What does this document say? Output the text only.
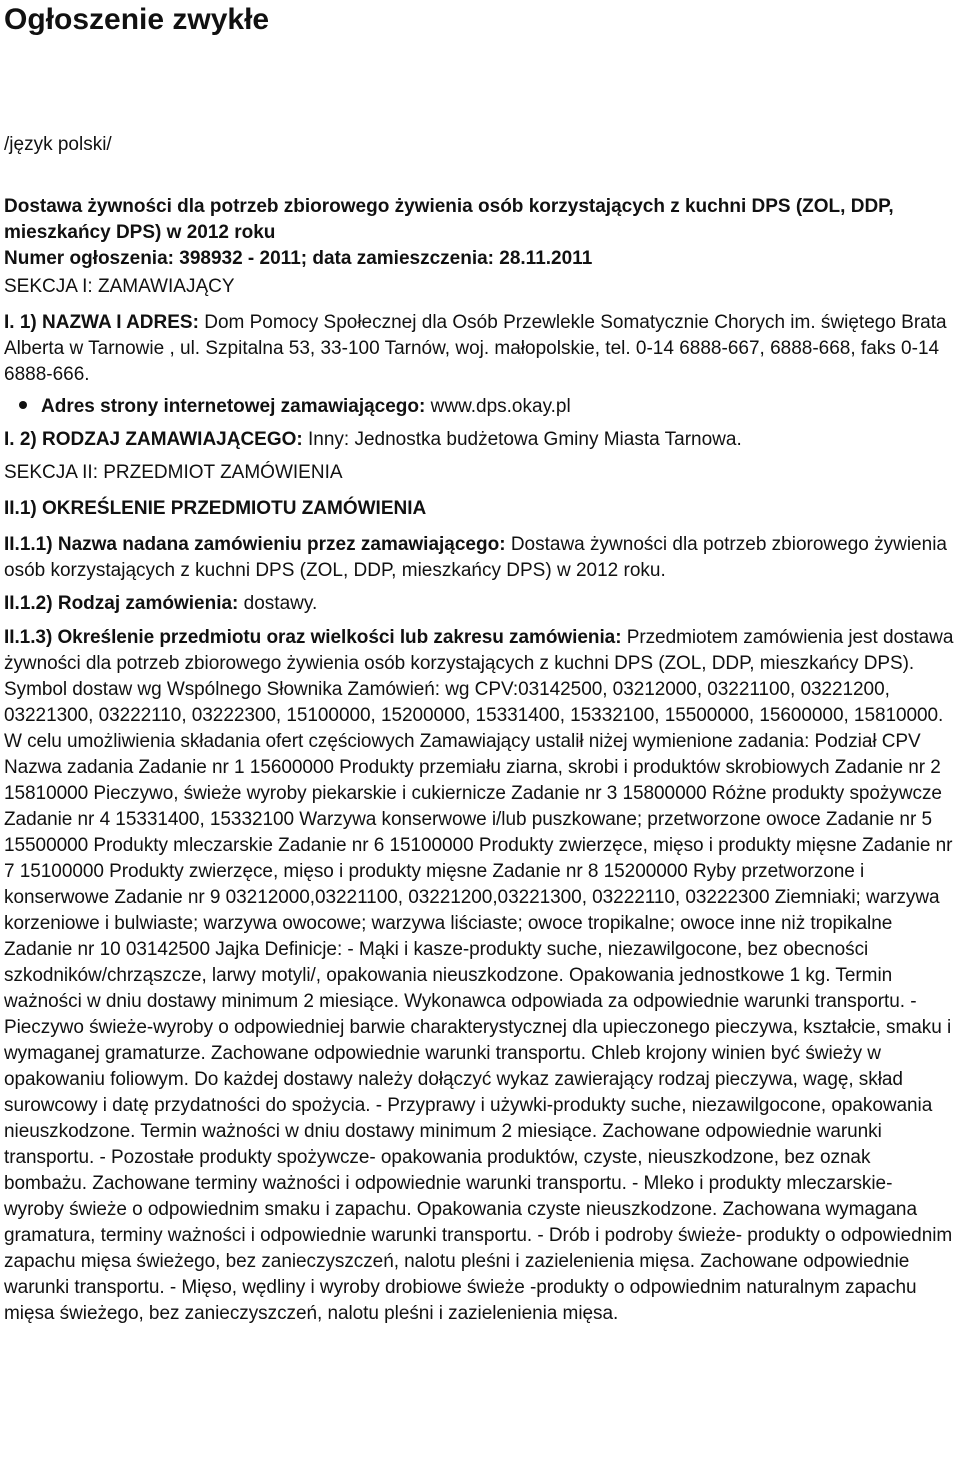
Ogłoszenie zwykłe
/język polski/
Dostawa żywności dla potrzeb zbiorowego żywienia osób korzystających z kuchni DPS (ZOL, DDP, mieszkańcy DPS) w 2012 roku
Numer ogłoszenia: 398932 - 2011; data zamieszczenia: 28.11.2011
SEKCJA I: ZAMAWIAJĄCY

I. 1) NAZWA I ADRES: Dom Pomocy Społecznej dla Osób Przewlekle Somatycznie Chorych im. świętego Brata Alberta w Tarnowie , ul. Szpitalna 53, 33-100 Tarnów, woj. małopolskie, tel. 0-14 6888-667, 6888-668, faks 0-14 6888-666.

Adres strony internetowej zamawiającego: www.dps.okay.pl

I. 2) RODZAJ ZAMAWIAJĄCEGO: Inny: Jednostka budżetowa Gminy Miasta Tarnowa.

SEKCJA II: PRZEDMIOT ZAMÓWIENIA

II.1) OKREŚLENIE PRZEDMIOTU ZAMÓWIENIA

II.1.1) Nazwa nadana zamówieniu przez zamawiającego: Dostawa żywności dla potrzeb zbiorowego żywienia osób korzystających z kuchni DPS (ZOL, DDP, mieszkańcy DPS) w 2012 roku.

II.1.2) Rodzaj zamówienia: dostawy.

II.1.3) Określenie przedmiotu oraz wielkości lub zakresu zamówienia: Przedmiotem zamówienia jest dostawa żywności dla potrzeb zbiorowego żywienia osób korzystających z kuchni DPS (ZOL, DDP, mieszkańcy DPS). Symbol dostaw wg Wspólnego Słownika Zamówień: wg CPV:03142500, 03212000, 03221100, 03221200, 03221300, 03222110, 03222300, 15100000, 15200000, 15331400, 15332100, 15500000, 15600000, 15810000. W celu umożliwienia składania ofert częściowych Zamawiający ustalił niżej wymienione zadania: Podział CPV Nazwa zadania Zadanie nr 1 15600000 Produkty przemiału ziarna, skrobi i produktów skrobiowych Zadanie nr 2 15810000 Pieczywo, świeże wyroby piekarskie i cukiernicze Zadanie nr 3 15800000 Różne produkty spożywcze Zadanie nr 4 15331400, 15332100 Warzywa konserwowe i/lub puszkowane; przetworzone owoce Zadanie nr 5 15500000 Produkty mleczarskie Zadanie nr 6 15100000 Produkty zwierzęce, mięso i produkty mięsne Zadanie nr 7 15100000 Produkty zwierzęce, mięso i produkty mięsne Zadanie nr 8 15200000 Ryby przetworzone i konserwowe Zadanie nr 9 03212000,03221100, 03221200,03221300, 03222110, 03222300 Ziemniaki; warzywa korzeniowe i bulwiaste; warzywa owocowe; warzywa liściaste; owoce tropikalne; owoce inne niż tropikalne Zadanie nr 10 03142500 Jajka Definicje: - Mąki i kasze-produkty suche, niezawilgocone, bez obecności szkodników/chrząszcze, larwy motyli/, opakowania nieuszkodzone. Opakowania jednostkowe 1 kg. Termin ważności w dniu dostawy minimum 2 miesiące. Wykonawca odpowiada za odpowiednie warunki transportu. - Pieczywo świeże-wyroby o odpowiedniej barwie charakterystycznej dla upieczonego pieczywa, kształcie, smaku i wymaganej gramaturze. Zachowane odpowiednie warunki transportu. Chleb krojony winien być świeży w opakowaniu foliowym. Do każdej dostawy należy dołączyć wykaz zawierający rodzaj pieczywa, wagę, skład surowcowy i datę przydatności do spożycia. - Przyprawy i używki-produkty suche, niezawilgocone, opakowania nieuszkodzone. Termin ważności w dniu dostawy minimum 2 miesiące. Zachowane odpowiednie warunki transportu. - Pozostałe produkty spożywcze- opakowania produktów, czyste, nieuszkodzone, bez oznak bombażu. Zachowane terminy ważności i odpowiednie warunki transportu. - Mleko i produkty mleczarskie- wyroby świeże o odpowiednim smaku i zapachu. Opakowania czyste nieuszkodzone. Zachowana wymagana gramatura, terminy ważności i odpowiednie warunki transportu. - Drób i podroby świeże- produkty o odpowiednim zapachu mięsa świeżego, bez zanieczyszczeń, nalotu pleśni i zazielenienia mięsa. Zachowane odpowiednie warunki transportu. - Mięso, wędliny i wyroby drobiowe świeże -produkty o odpowiednim naturalnym zapachu mięsa świeżego, bez zanieczyszczeń, nalotu pleśni i zazielenienia mięsa.
